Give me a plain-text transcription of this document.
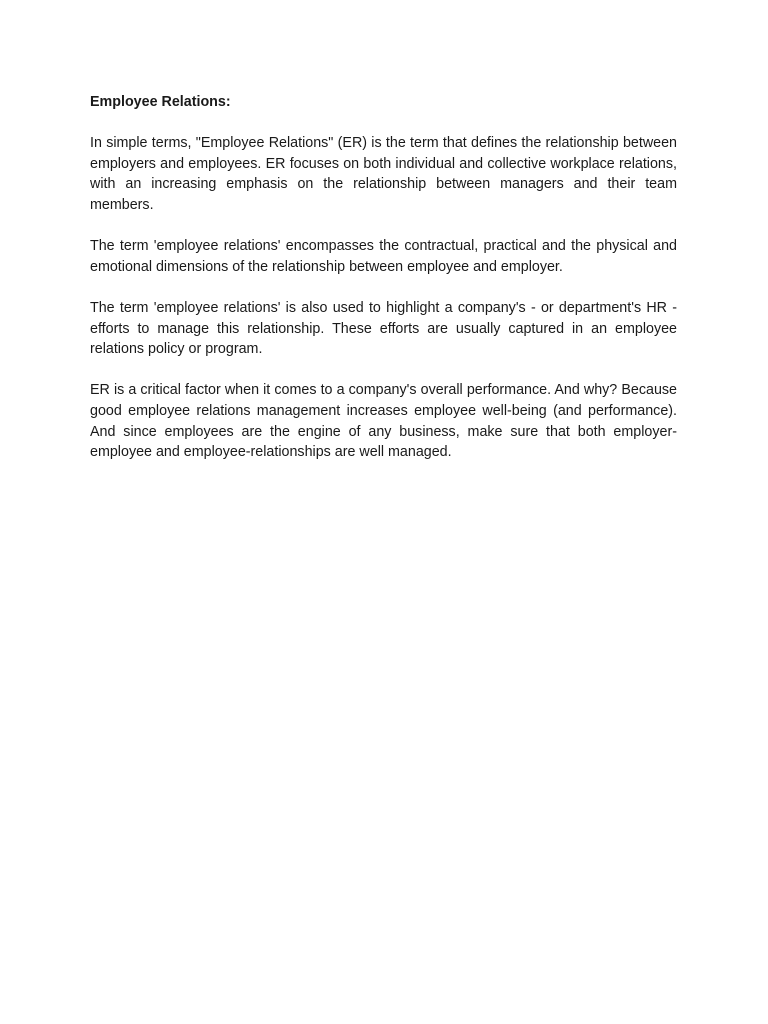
Employee Relations:

In simple terms, "Employee Relations" (ER) is the term that defines the relationship between employers and employees. ER focuses on both individual and collective workplace relations, with an increasing emphasis on the relationship between managers and their team members.

The term 'employee relations' encompasses the contractual, practical and the physical and emotional dimensions of the relationship between employee and employer.

The term 'employee relations' is also used to highlight a company's - or department's HR - efforts to manage this relationship. These efforts are usually captured in an employee relations policy or program.

ER is a critical factor when it comes to a company's overall performance. And why? Because good employee relations management increases employee well-being (and performance). And since employees are the engine of any business, make sure that both employer-employee and employee-relationships are well managed.
